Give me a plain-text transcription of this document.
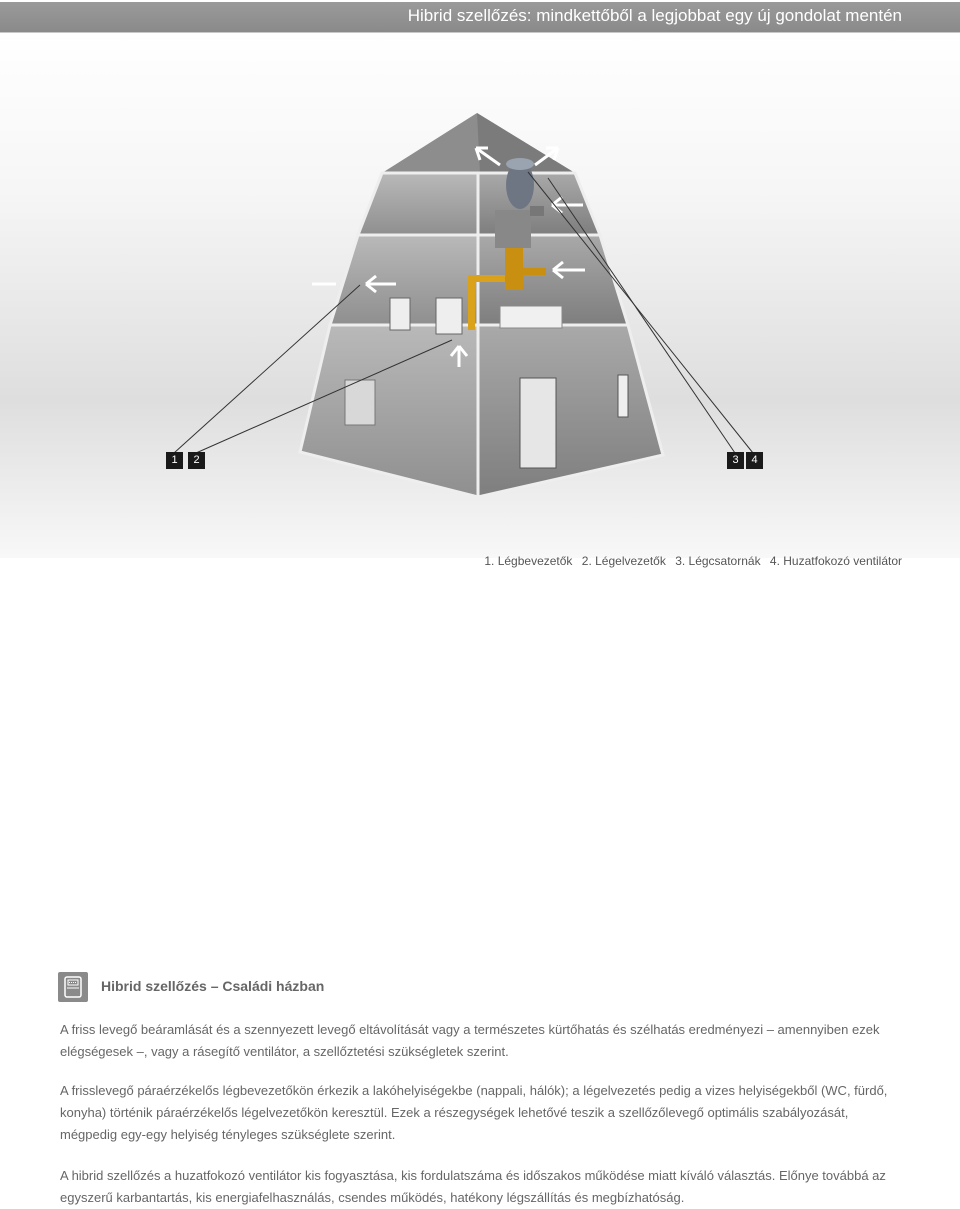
Hibrid szellőzés: mindkettőből a legjobbat egy új gondolat mentén
1	2	3	4
1. Légbevezetők 2. Légelvezetők 3. Légcsatornák 4. Huzatfokozó ventilátor
Hibrid szellőzés – Családi házban

A friss levegő beáramlását és a szennyezett levegő eltávolítását vagy a természetes kürtőhatás és szélhatás eredményezi – amennyiben ezek elégségesek –, vagy a rásegítő ventilátor, a szellőztetési szükségletek szerint.

A frisslevegő páraérzékelős légbevezetőkön érkezik a lakóhelyiségekbe (nappali, hálók); a légelvezetés pedig a vizes helyiségekből (WC, fürdő, konyha) történik páraérzékelős légelvezetőkön keresztül. Ezek a részegységek lehetővé teszik a szellőzőlevegő optimális szabályozását, mégpedig egy-egy helyiség tényleges szükséglete szerint.

A hibrid szellőzés a huzatfokozó ventilátor kis fogyasztása, kis fordulatszáma és időszakos működése miatt kíváló választás. Előnye továbbá az egyszerű karbantartás, kis energiafelhasználás, csendes működés, hatékony légszállítás és megbízhatóság.
